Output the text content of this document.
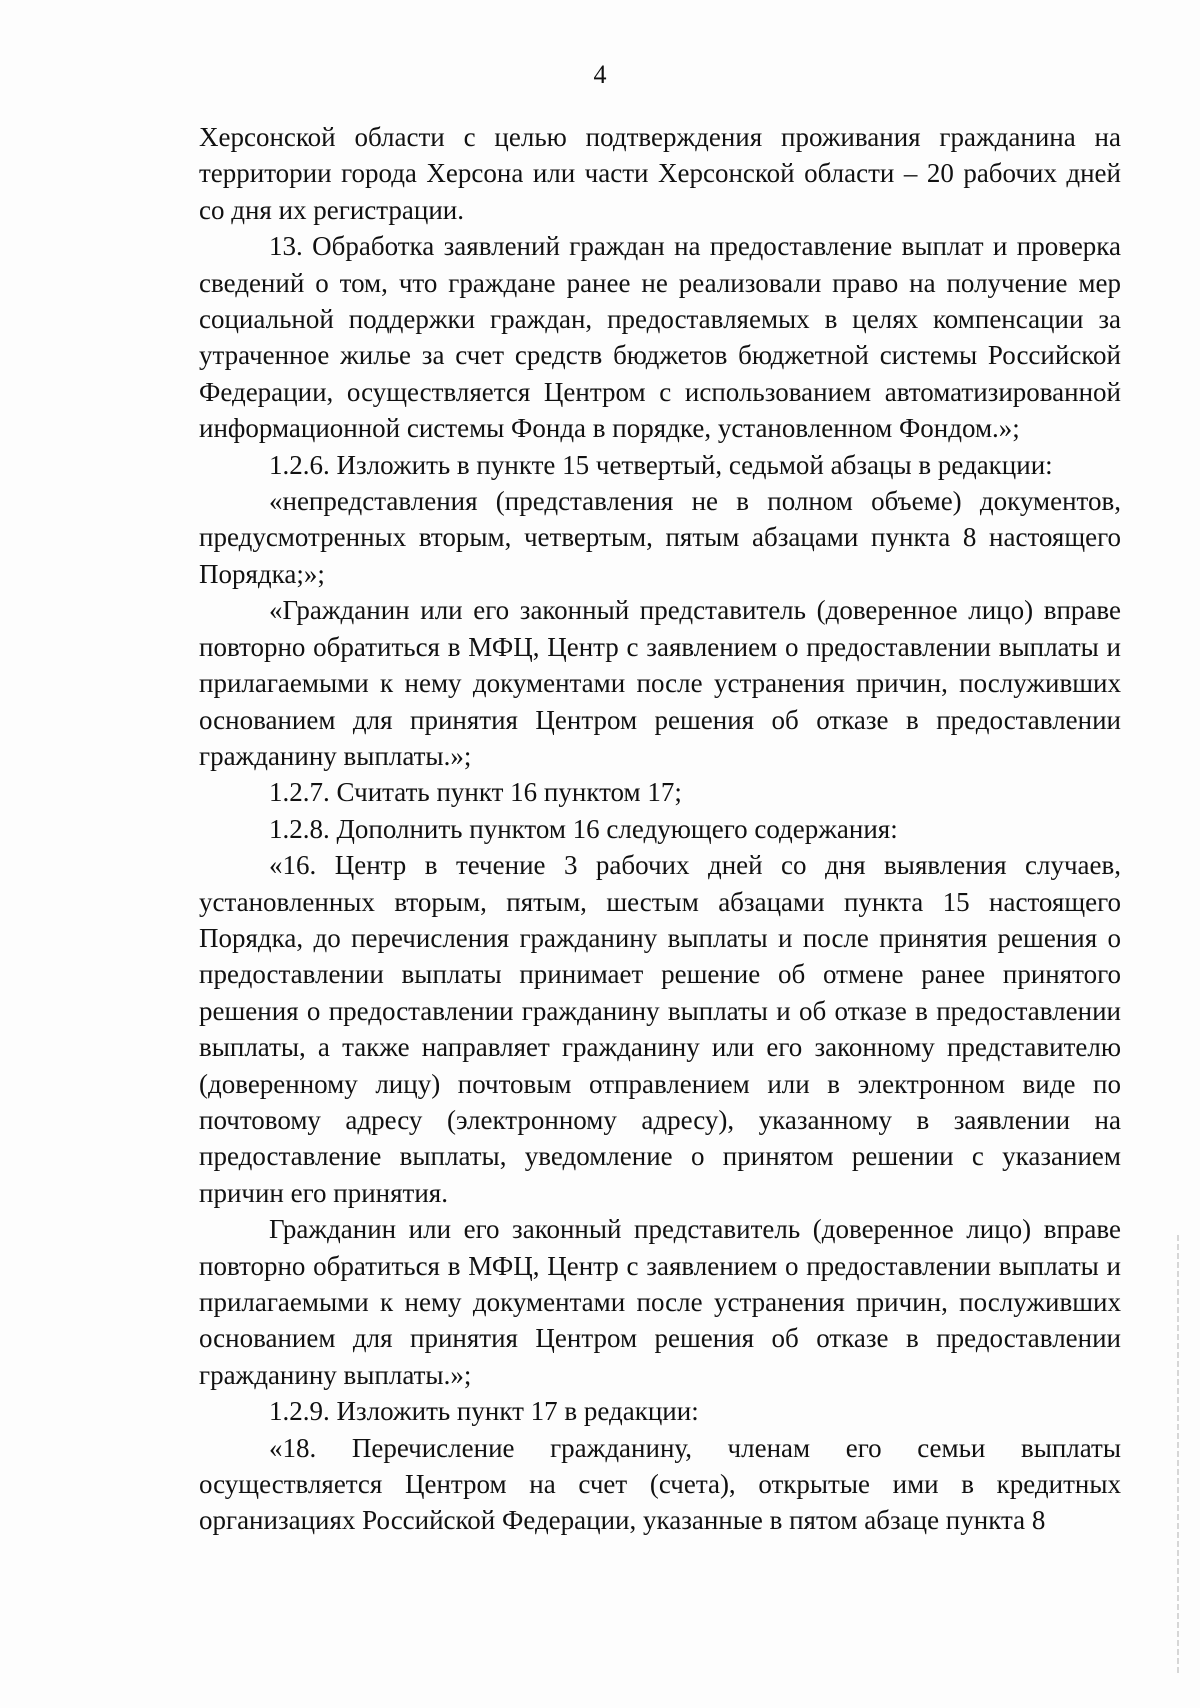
4

Херсонской области с целью подтверждения проживания гражданина на территории города Херсона или части Херсонской области – 20 рабочих дней со дня их регистрации.

13. Обработка заявлений граждан на предоставление выплат и проверка сведений о том, что граждане ранее не реализовали право на получение мер социальной поддержки граждан, предоставляемых в целях компенсации за утраченное жилье за счет средств бюджетов бюджетной системы Российской Федерации, осуществляется Центром с использованием автоматизированной информационной системы Фонда в порядке, установленном Фондом.»;

1.2.6. Изложить в пункте 15 четвертый, седьмой абзацы в редакции:

«непредставления (представления не в полном объеме) документов, предусмотренных вторым, четвертым, пятым абзацами пункта 8 настоящего Порядка;»;

«Гражданин или его законный представитель (доверенное лицо) вправе повторно обратиться в МФЦ, Центр с заявлением о предоставлении выплаты и прилагаемыми к нему документами после устранения причин, послуживших основанием для принятия Центром решения об отказе в предоставлении гражданину выплаты.»;

1.2.7. Считать пункт 16 пунктом 17;

1.2.8. Дополнить пунктом 16 следующего содержания:

«16. Центр в течение 3 рабочих дней со дня выявления случаев, установленных вторым, пятым, шестым абзацами пункта 15 настоящего Порядка, до перечисления гражданину выплаты и после принятия решения о предоставлении выплаты принимает решение об отмене ранее принятого решения о предоставлении гражданину выплаты и об отказе в предоставлении выплаты, а также направляет гражданину или его законному представителю (доверенному лицу) почтовым отправлением или в электронном виде по почтовому адресу (электронному адресу), указанному в заявлении на предоставление выплаты, уведомление о принятом решении с указанием причин его принятия.

Гражданин или его законный представитель (доверенное лицо) вправе повторно обратиться в МФЦ, Центр с заявлением о предоставлении выплаты и прилагаемыми к нему документами после устранения причин, послуживших основанием для принятия Центром решения об отказе в предоставлении гражданину выплаты.»;

1.2.9. Изложить пункт 17 в редакции:

«18. Перечисление гражданину, членам его семьи выплаты осуществляется Центром на счет (счета), открытые ими в кредитных организациях Российской Федерации, указанные в пятом абзаце пункта 8
